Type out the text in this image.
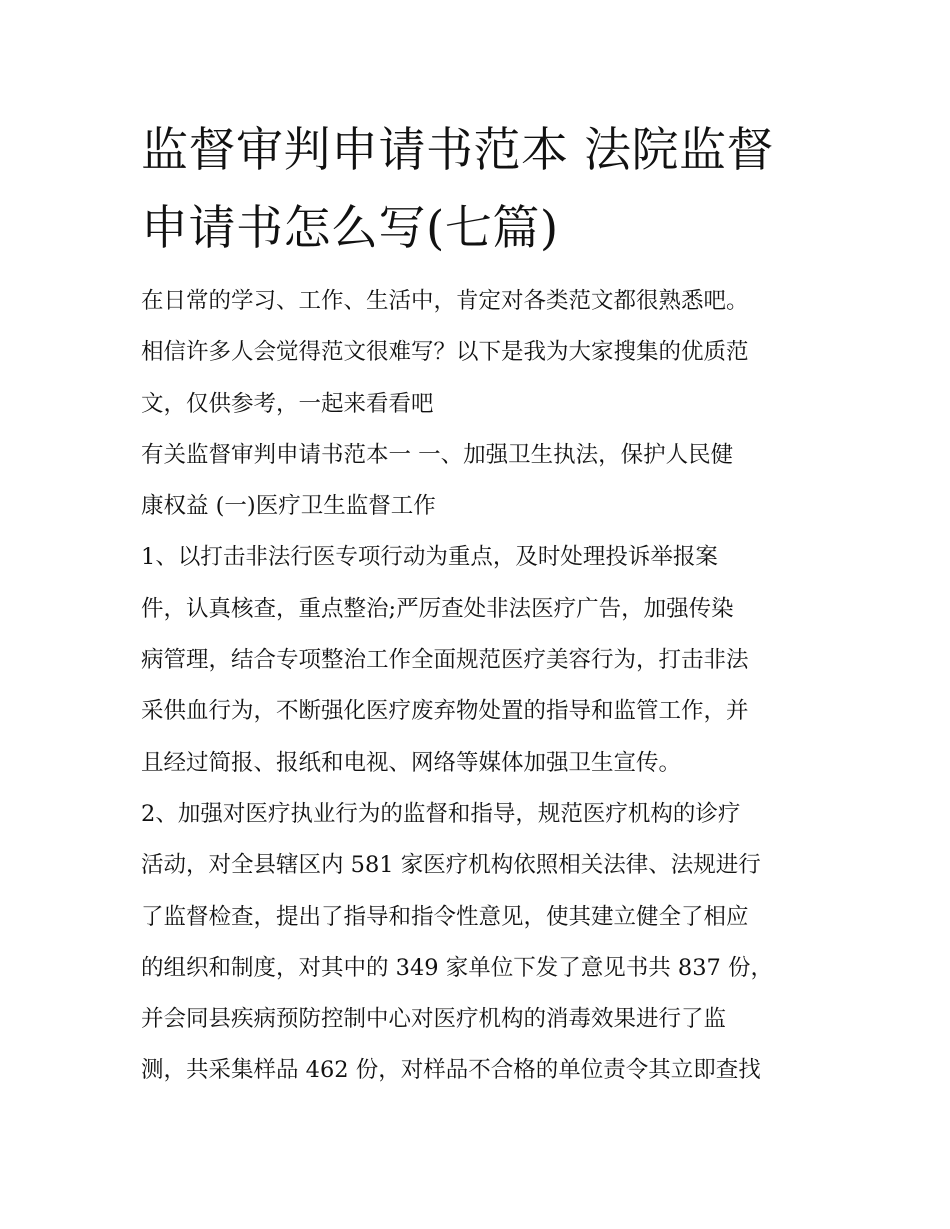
监督审判申请书范本 法院监督
申请书怎么写(七篇)
在日常的学习、工作、生活中，肯定对各类范文都很熟悉吧。
相信许多人会觉得范文很难写？以下是我为大家搜集的优质范
文，仅供参考，一起来看看吧
有关监督审判申请书范本一 一、加强卫生执法，保护人民健
康权益 (一)医疗卫生监督工作
1、以打击非法行医专项行动为重点，及时处理投诉举报案
件，认真核查，重点整治;严厉查处非法医疗广告，加强传染
病管理，结合专项整治工作全面规范医疗美容行为，打击非法
采供血行为，不断强化医疗废弃物处置的指导和监管工作，并
且经过简报、报纸和电视、网络等媒体加强卫生宣传。
2、加强对医疗执业行为的监督和指导，规范医疗机构的诊疗
活动，对全县辖区内 581 家医疗机构依照相关法律、法规进行
了监督检查，提出了指导和指令性意见，使其建立健全了相应
的组织和制度，对其中的 349 家单位下发了意见书共 837 份，
并会同县疾病预防控制中心对医疗机构的消毒效果进行了监
测，共采集样品 462 份，对样品不合格的单位责令其立即查找
